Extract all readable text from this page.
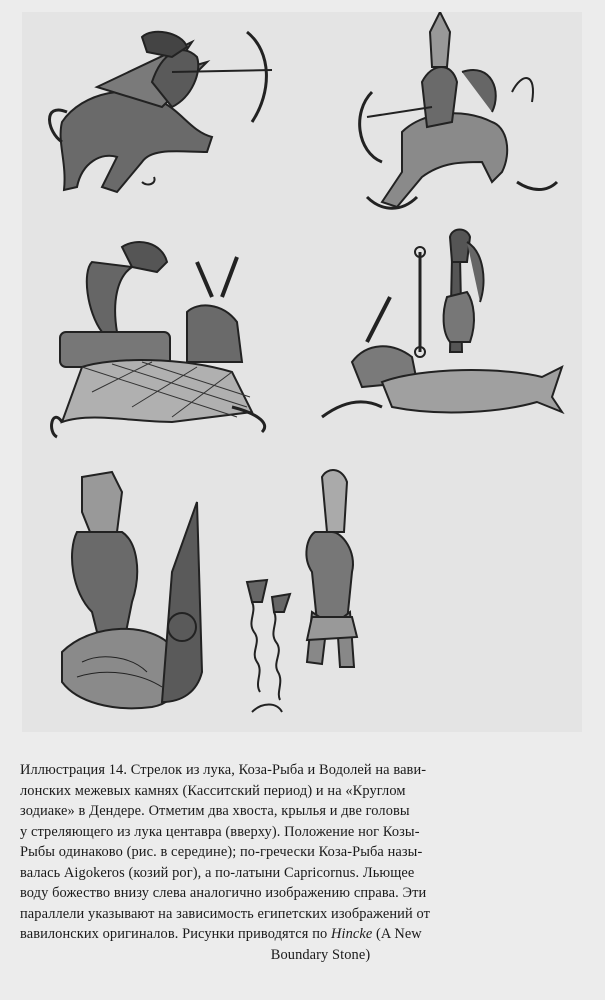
Иллюстрация 14. Стрелок из лука, Коза-Рыба и Водолей на вави-
лонских межевых камнях (Касситский период) и на «Круглом
зодиаке» в Дендере. Отметим два хвоста, крылья и две головы
у стреляющего из лука центавра (вверху). Положение ног Козы-
Рыбы одинаково (рис. в середине); по-гречески Коза-Рыба назы-
валась Aigokeros (козий рог), а по-латыни Capricornus. Льющее
воду божество внизу слева аналогично изображению справа. Эти
параллели указывают на зависимость египетских изображений от
вавилонских оригиналов. Рисунки приводятся по Hincke (A New
Boundary Stone)
